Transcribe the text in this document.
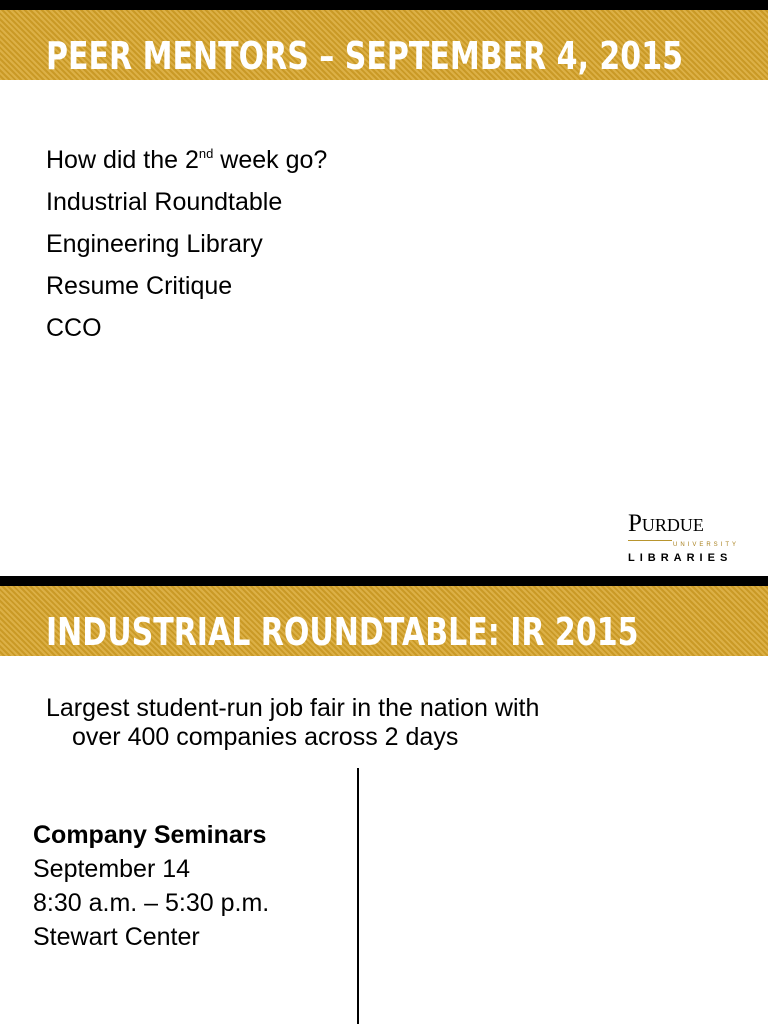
PEER MENTORS – SEPTEMBER 4, 2015
How did the 2nd week go?
Industrial Roundtable
Engineering Library
Resume Critique
CCO
PURDUE
UNIVERSITY
LIBRARIES
INDUSTRIAL ROUNDTABLE: IR 2015

Largest student-run job fair in the nation with
over 400 companies across 2 days

Company Seminars
September 14
8:30 a.m. – 5:30 p.m.
Stewart Center
